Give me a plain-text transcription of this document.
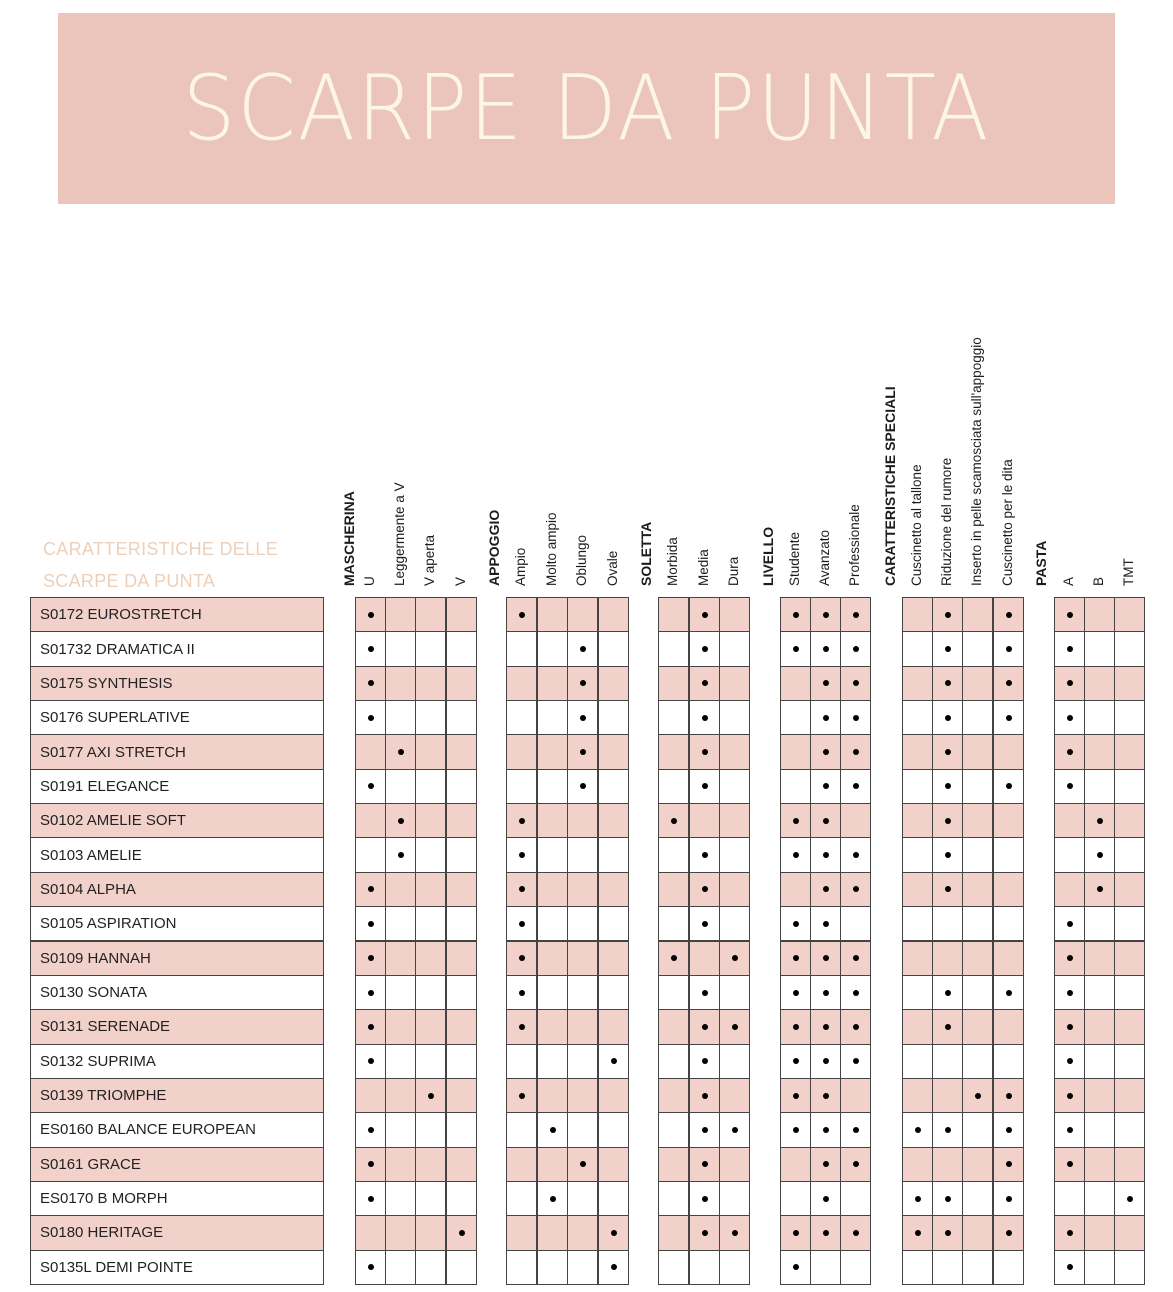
SCARPE DA PUNTA
CARATTERISTICHE DELLE
SCARPE DA PUNTA	MASCHERINA U Leggermente a V V aperta V APPOGGIO Ampio Molto ampio Oblungo Ovale SOLETTA Morbida Media Dura LIVELLO Studente Avanzato Professionale CARATTERISTICHE SPECIALI Cuscinetto al tallone Riduzione del rumore Inserto in pelle scamosciata sull'appoggio Cuscinetto per le dita PASTA A B TMT
S0172 EUROSTRETCH
S01732 DRAMATICA II
S0175 SYNTHESIS
S0176 SUPERLATIVE
S0177 AXI STRETCH
S0191 ELEGANCE
S0102 AMELIE SOFT
S0103 AMELIE
S0104 ALPHA
S0105 ASPIRATION
S0109 HANNAH
S0130 SONATA
S0131 SERENADE
S0132 SUPRIMA
S0139 TRIOMPHE
ES0160 BALANCE EUROPEAN
S0161 GRACE
ES0170 B MORPH
S0180 HERITAGE
S0135L DEMI POINTE
